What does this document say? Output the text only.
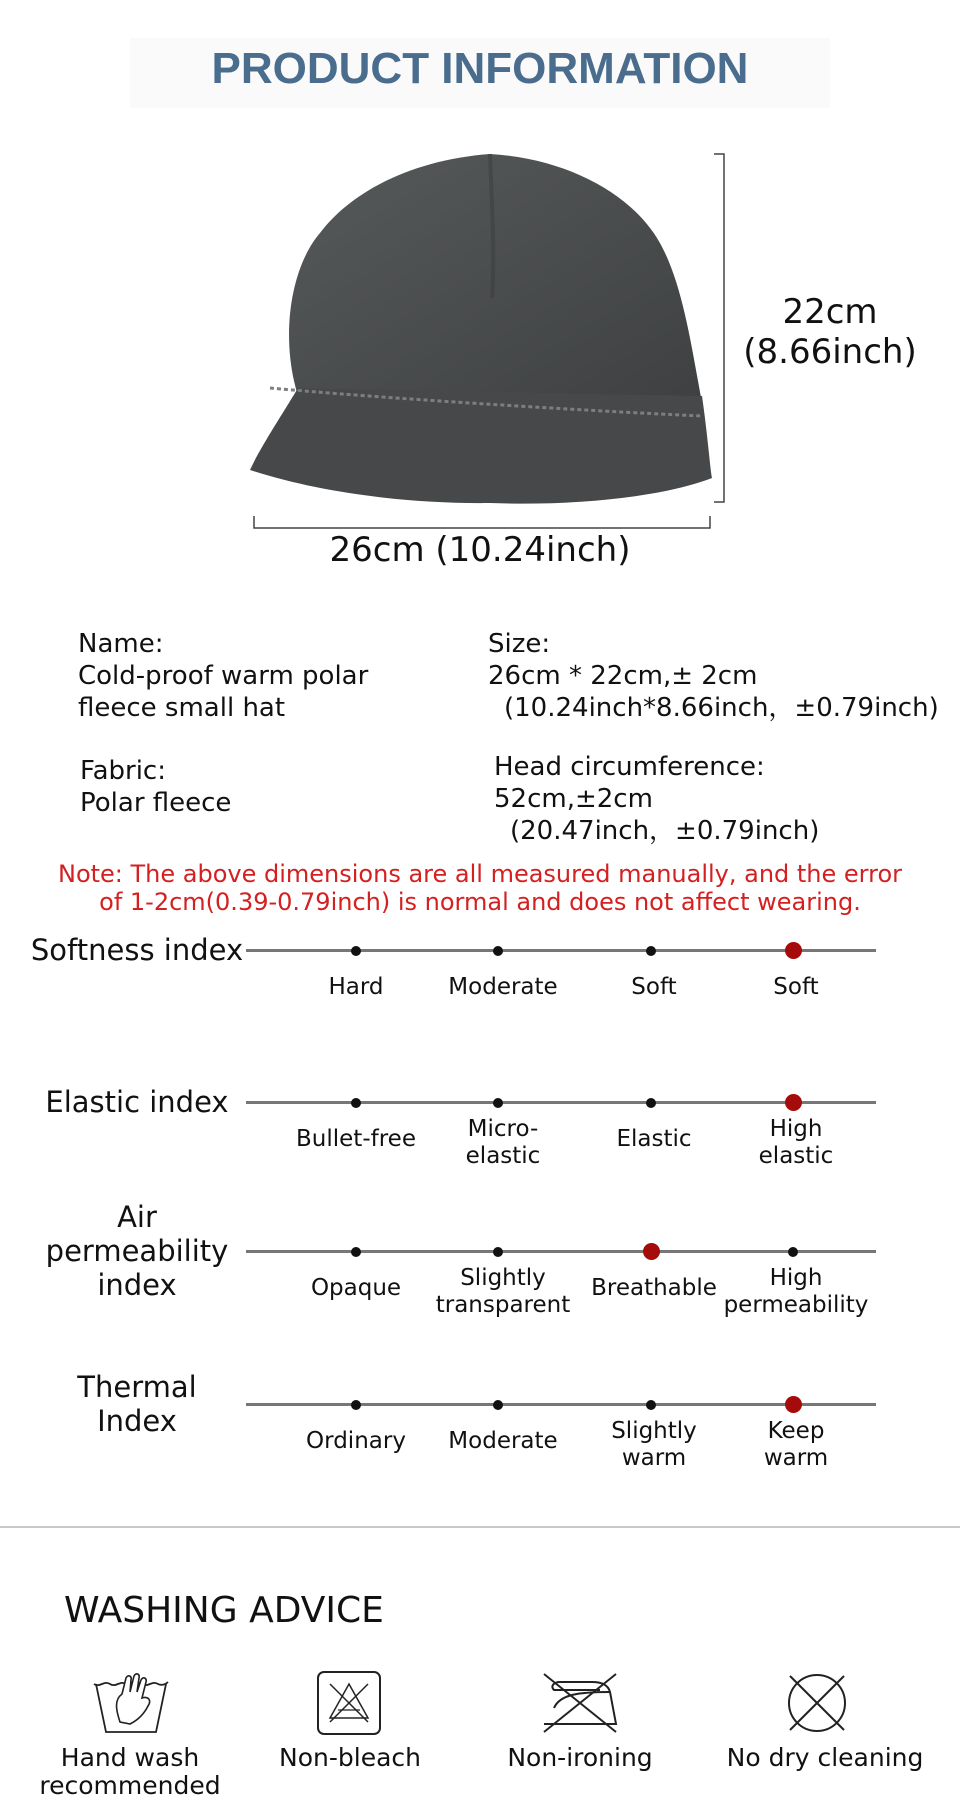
PRODUCT INFORMATION
22cm
(8.66inch)
26cm (10.24inch)
Name:
Cold-proof warm polar
fleece small hat
Size:
26cm * 22cm,± 2cm
(10.24inch*8.66inch，±0.79inch)
Fabric:
Polar fleece
Head circumference:
52cm,±2cm
(20.47inch，±0.79inch)
Note: The above dimensions are all measured manually, and the error
of 1-2cm(0.39-0.79inch) is normal and does not affect wearing.
Softness index
Hard	Moderate	Soft	Soft
Elastic index
Bullet-free	Micro-
elastic
Elastic	High
elastic
Air
permeability
index	Opaque	Slightly
transparent
Breathable	High
permeability
Thermal
Index
Ordinary	Moderate	Slightly
warm
Keep
warm
WASHING ADVICE
Hand wash
recommended
Non-bleach	Non-ironing	No dry cleaning
